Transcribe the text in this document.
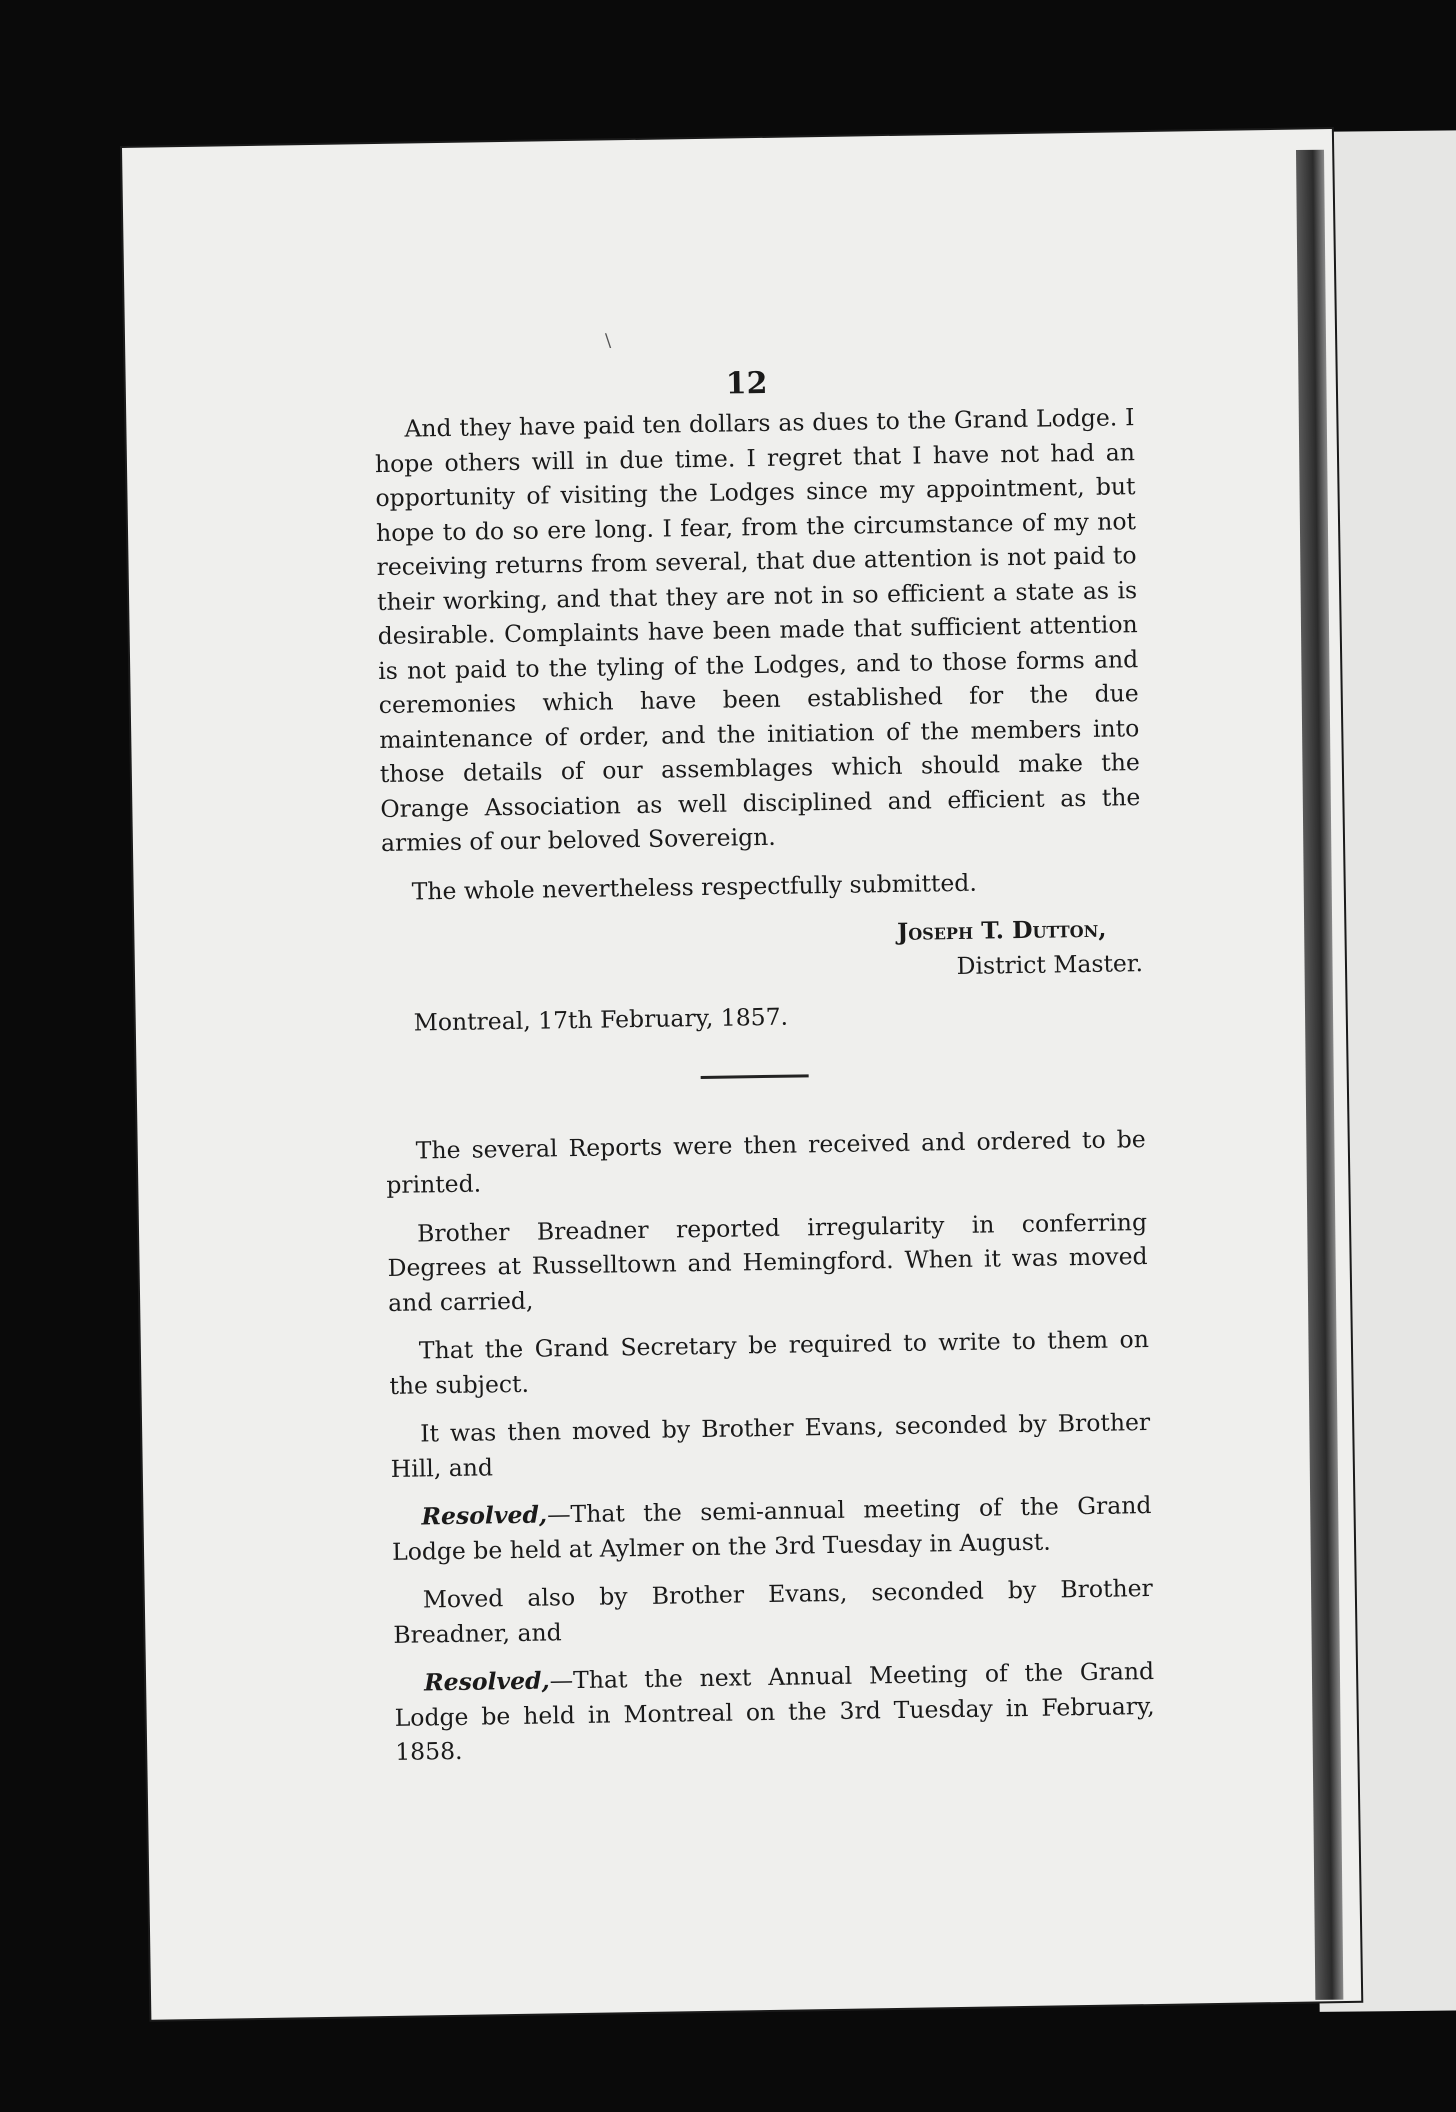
\

12

And they have paid ten dollars as dues to the Grand Lodge. I hope others will in due time. I regret that I have not had an opportunity of visiting the Lodges since my appointment, but hope to do so ere long. I fear, from the circumstance of my not receiving returns from several, that due attention is not paid to their working, and that they are not in so efficient a state as is desirable. Complaints have been made that sufficient attention is not paid to the tyling of the Lodges, and to those forms and ceremonies which have been established for the due maintenance of order, and the initiation of the members into those details of our assemblages which should make the Orange Association as well disciplined and efficient as the armies of our beloved Sovereign.

The whole nevertheless respectfully submitted.

Joseph T. Dutton,

District Master.

Montreal, 17th February, 1857.

The several Reports were then received and ordered to be printed.

Brother Breadner reported irregularity in conferring Degrees at Russelltown and Hemingford. When it was moved and carried,

That the Grand Secretary be required to write to them on the subject.

It was then moved by Brother Evans, seconded by Brother Hill, and

Resolved,—That the semi-annual meeting of the Grand Lodge be held at Aylmer on the 3rd Tuesday in August.

Moved also by Brother Evans, seconded by Brother Breadner, and

Resolved,—That the next Annual Meeting of the Grand Lodge be held in Montreal on the 3rd Tuesday in February, 1858.
